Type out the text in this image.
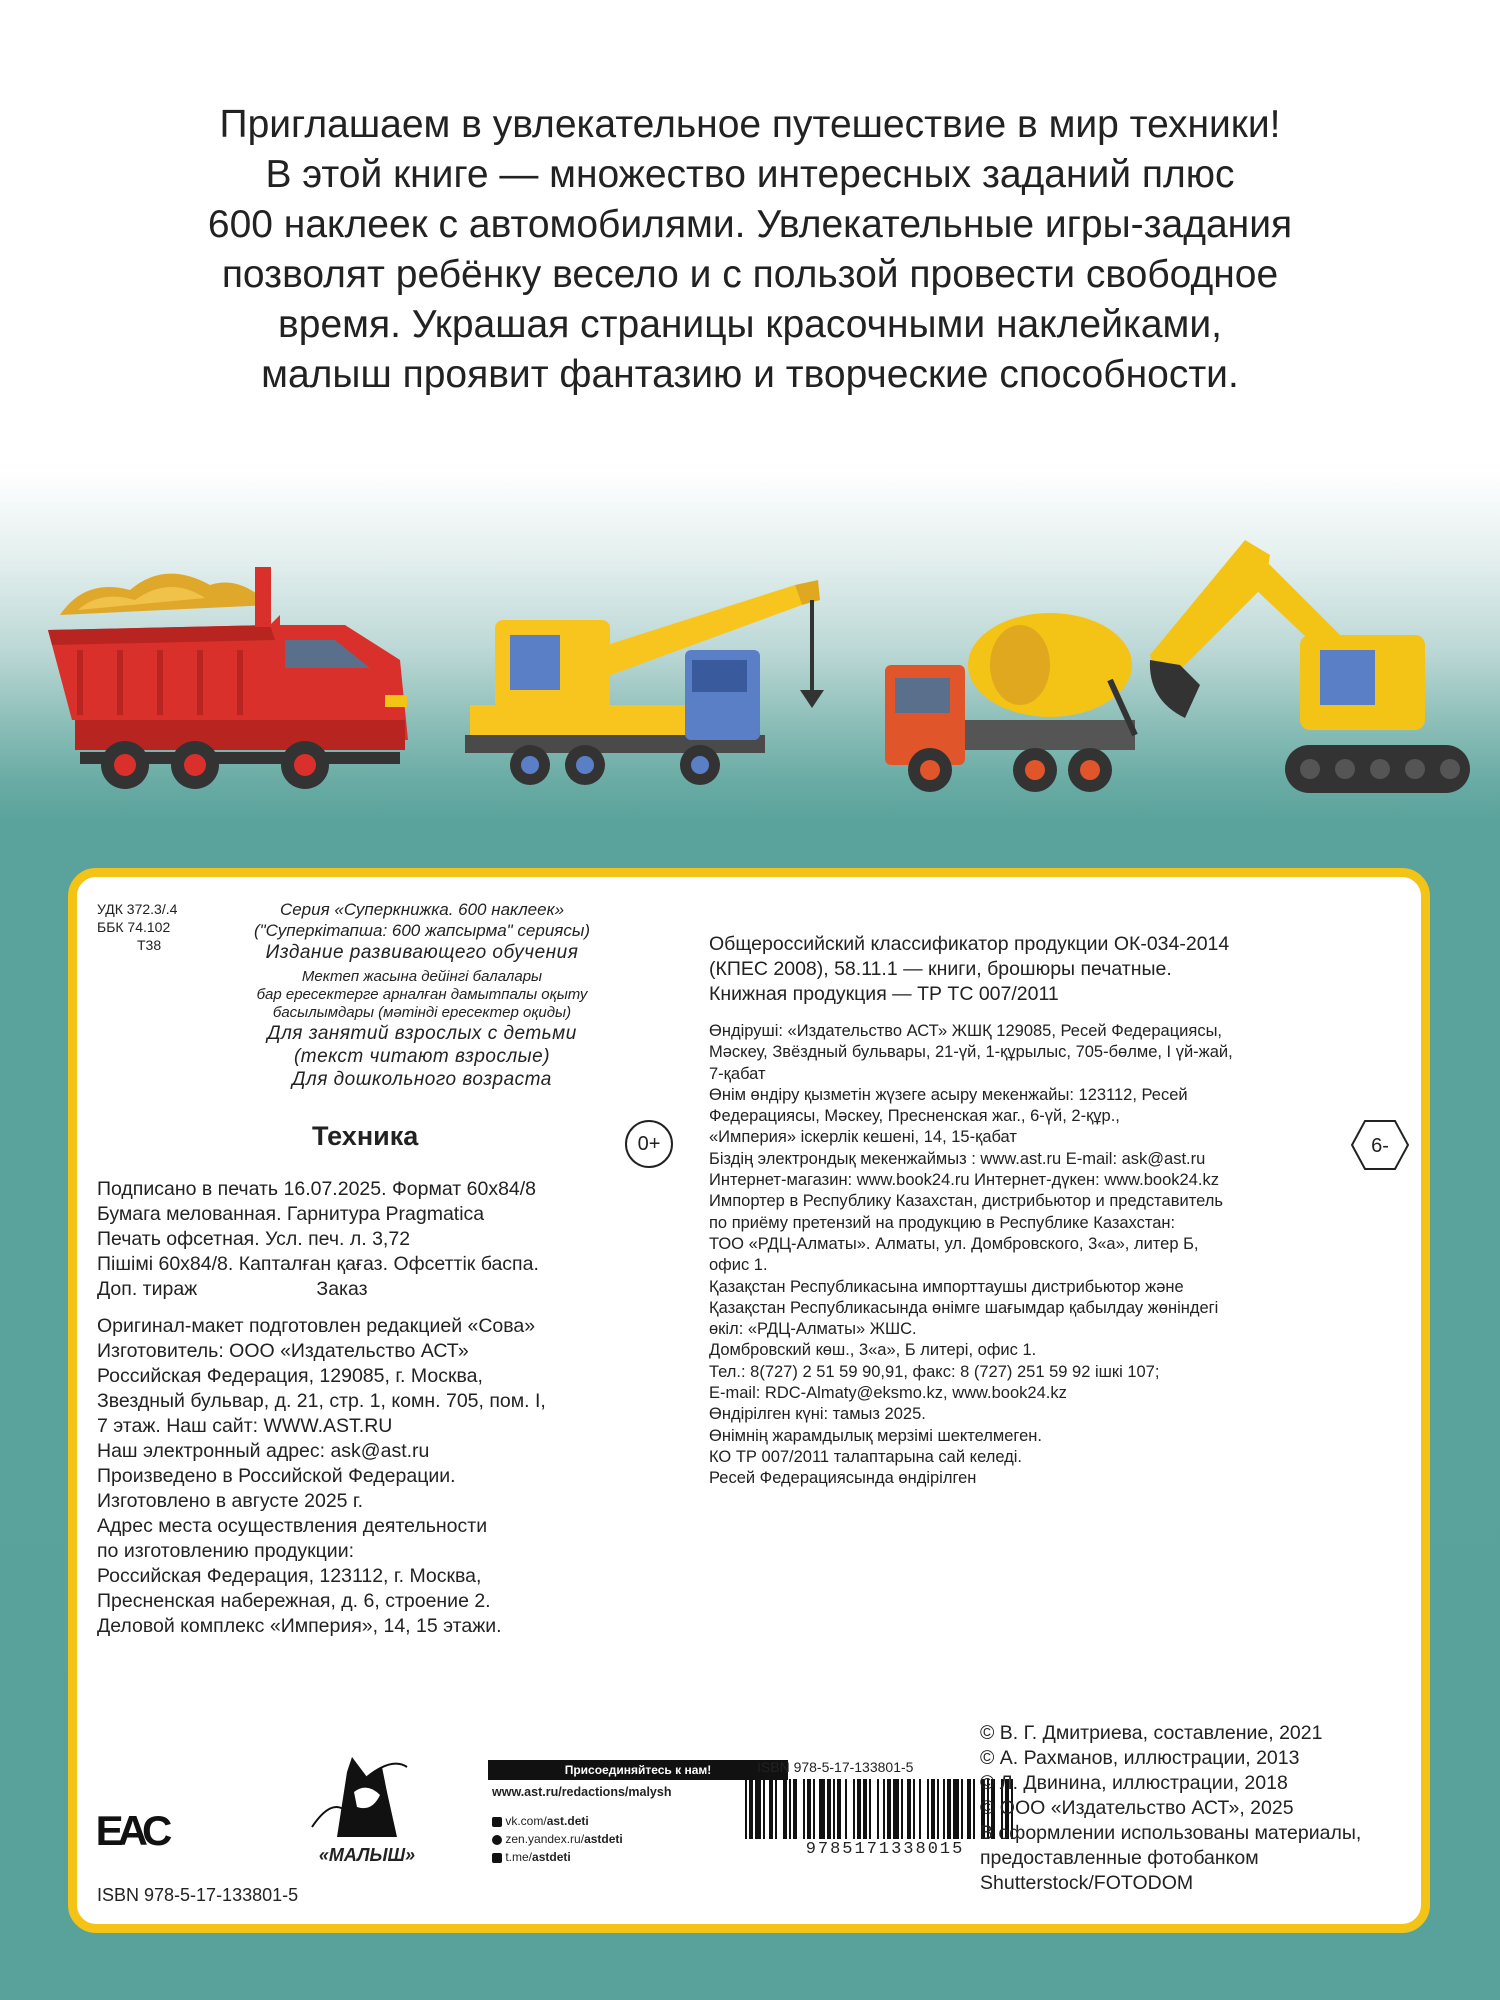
Приглашаем в увлекательное путешествие в мир техники!
В этой книге — множество интересных заданий плюс
600 наклеек с автомобилями. Увлекательные игры-задания
позволят ребёнку весело и с пользой провести свободное
время. Украшая страницы красочными наклейками,
малыш проявит фантазию и творческие способности.
УДК 372.3/.4
ББК 74.102
Т38
Серия «Суперкнижка. 600 наклеек»
("Суперкітапша: 600 жапсырма" сериясы)
Издание развивающего обучения
Мектеп жасына дейінгі балалары
бар ересектерге арналған дамытпалы оқыту
басылымдары (мәтінді ересектер оқиды)
Для занятий взрослых с детьми
(текст читают взрослые)
Для дошкольного возраста
Техника	0+
Подписано в печать 16.07.2025. Формат 60х84/8
Бумага мелованная. Гарнитура Pragmatica
Печать офсетная. Усл. печ. л. 3,72
Пішімі 60х84/8. Капталған қағаз. Офсеттік баспа.
Доп. тираж                      Заказ
Оригинал-макет подготовлен редакцией «Сова»
Изготовитель: ООО «Издательство АСТ»
Российская Федерация, 129085, г. Москва,
Звездный бульвар, д. 21, стр. 1, комн. 705, пом. I,
7 этаж. Наш сайт: WWW.AST.RU
Наш электронный адрес: ask@ast.ru
Произведено в Российской Федерации.
Изготовлено в августе 2025 г.
Адрес места осуществления деятельности
по изготовлению продукции:
Российская Федерация, 123112, г. Москва,
Пресненская набережная, д. 6, строение 2.
Деловой комплекс «Империя», 14, 15 этажи.
Общероссийский классификатор продукции ОК-034-2014
(КПЕС 2008), 58.11.1 — книги, брошюры печатные.
Книжная продукция — ТР ТС 007/2011
Өндіруші: «Издательство АСТ» ЖШҚ 129085, Ресей Федерациясы,
Мәскеу, Звёздный бульвары, 21-үй, 1-құрылыс, 705-бөлме, I үй-жай,
7-қабат
Өнім өндіру қызметін жүзеге асыру мекенжайы: 123112, Ресей
Федерациясы, Мәскеу, Пресненская жаг., 6-үй, 2-құр.,
«Империя» іскерлік кешені, 14, 15-қабат
Біздің электрондық мекенжаймыз : www.ast.ru E-mail: ask@ast.ru
Интернет-магазин: www.book24.ru Интернет-дүкен: www.book24.kz
Импортер в Республику Казахстан, дистрибьютор и представитель
по приёму претензий на продукцию в Республике Казахстан:
ТОО «РДЦ-Алматы». Алматы, ул. Домбровского, 3«а», литер Б,
офис 1.
Қазақстан Республикасына импорттаушы дистрибьютор және
Қазақстан Республикасында өнімге шағымдар қабылдау жөніндегі
өкіл: «РДЦ-Алматы» ЖШС.
Домбровский көш., 3«а», Б литері, офис 1.
Тел.: 8(727) 2 51 59 90,91, факс: 8 (727) 251 59 92 ішкі 107;
E-mail: RDC-Almaty@eksmo.kz, www.book24.kz
Өндірілген күні: тамыз 2025.
Өнімнің жарамдылық мерзімі шектелмеген.
КО ТР 007/2011 талаптарына сай келеді.
Ресей Федерациясында өндірілген
6-
EAC
ISBN 978-5-17-133801-5
«МАЛЫШ»
Присоединяйтесь к нам!
www.ast.ru/redactions/malysh
vk.com/ast.deti
zen.yandex.ru/astdeti
t.me/astdeti
ISBN 978-5-17-133801-5
9785171338015
© В. Г. Дмитриева, составление, 2021
© А. Рахманов, иллюстрации, 2013
© Л. Двинина, иллюстрации, 2018
© ООО «Издательство АСТ», 2025
В оформлении использованы материалы,
предоставленные фотобанком
Shutterstock/FOTODOM
